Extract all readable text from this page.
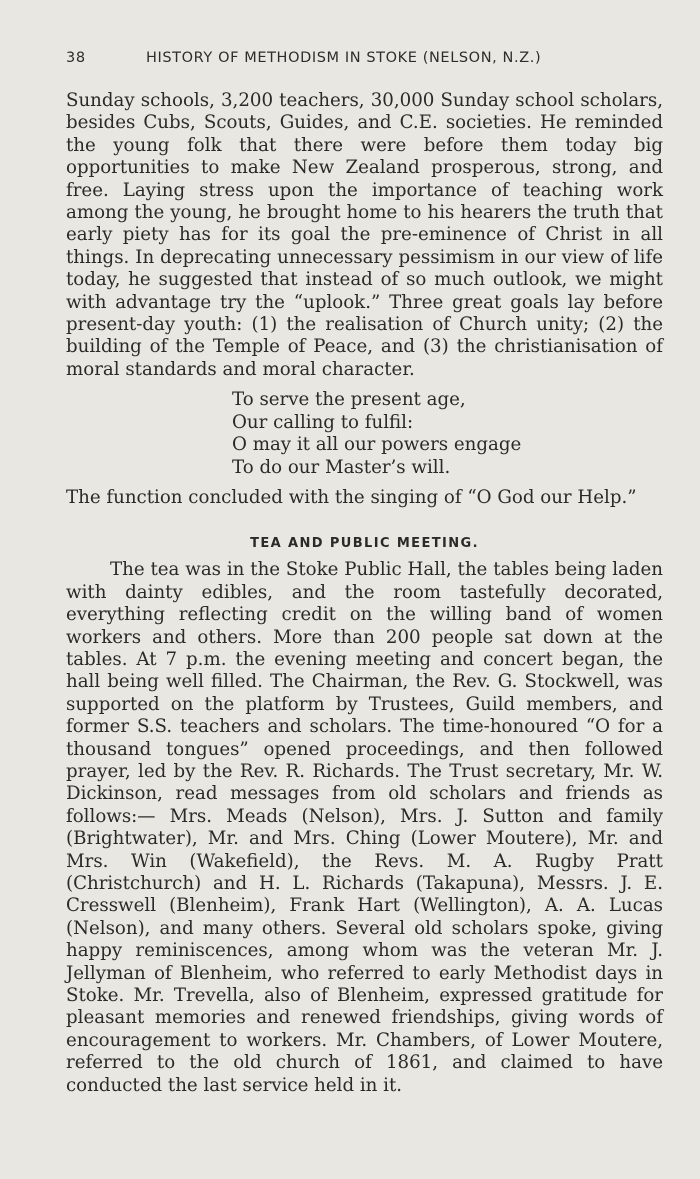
38	HISTORY OF METHODISM IN STOKE (NELSON, N.Z.)

Sunday schools, 3,200 teachers, 30,000 Sunday school scholars, besides Cubs, Scouts, Guides, and C.E. societies. He reminded the young folk that there were before them today big opportunities to make New Zealand prosperous, strong, and free. Laying stress upon the importance of teaching work among the young, he brought home to his hearers the truth that early piety has for its goal the pre-eminence of Christ in all things. In deprecating unnecessary pessimism in our view of life today, he suggested that instead of so much outlook, we might with advantage try the “uplook.” Three great goals lay before present-day youth: (1) the realisation of Church unity; (2) the building of the Temple of Peace, and (3) the christianisation of moral standards and moral character.

To serve the present age,
Our calling to fulfil:
O may it all our powers engage
To do our Master’s will.

The function concluded with the singing of “O God our Help.”

TEA AND PUBLIC MEETING.

The tea was in the Stoke Public Hall, the tables being laden with dainty edibles, and the room tastefully decorated, everything reflecting credit on the willing band of women workers and others. More than 200 people sat down at the tables. At 7 p.m. the evening meeting and concert began, the hall being well filled. The Chairman, the Rev. G. Stockwell, was supported on the platform by Trustees, Guild members, and former S.S. teachers and scholars. The time-honoured “O for a thousand tongues” opened proceedings, and then followed prayer, led by the Rev. R. Richards. The Trust secretary, Mr. W. Dickinson, read messages from old scholars and friends as follows:— Mrs. Meads (Nelson), Mrs. J. Sutton and family (Brightwater), Mr. and Mrs. Ching (Lower Moutere), Mr. and Mrs. Win (Wakefield), the Revs. M. A. Rugby Pratt (Christchurch) and H. L. Richards (Takapuna), Messrs. J. E. Cresswell (Blenheim), Frank Hart (Wellington), A. A. Lucas (Nelson), and many others. Several old scholars spoke, giving happy reminiscences, among whom was the veteran Mr. J. Jellyman of Blenheim, who referred to early Methodist days in Stoke. Mr. Trevella, also of Blenheim, expressed gratitude for pleasant memories and renewed friendships, giving words of encouragement to workers. Mr. Chambers, of Lower Moutere, referred to the old church of 1861, and claimed to have conducted the last service held in it.
